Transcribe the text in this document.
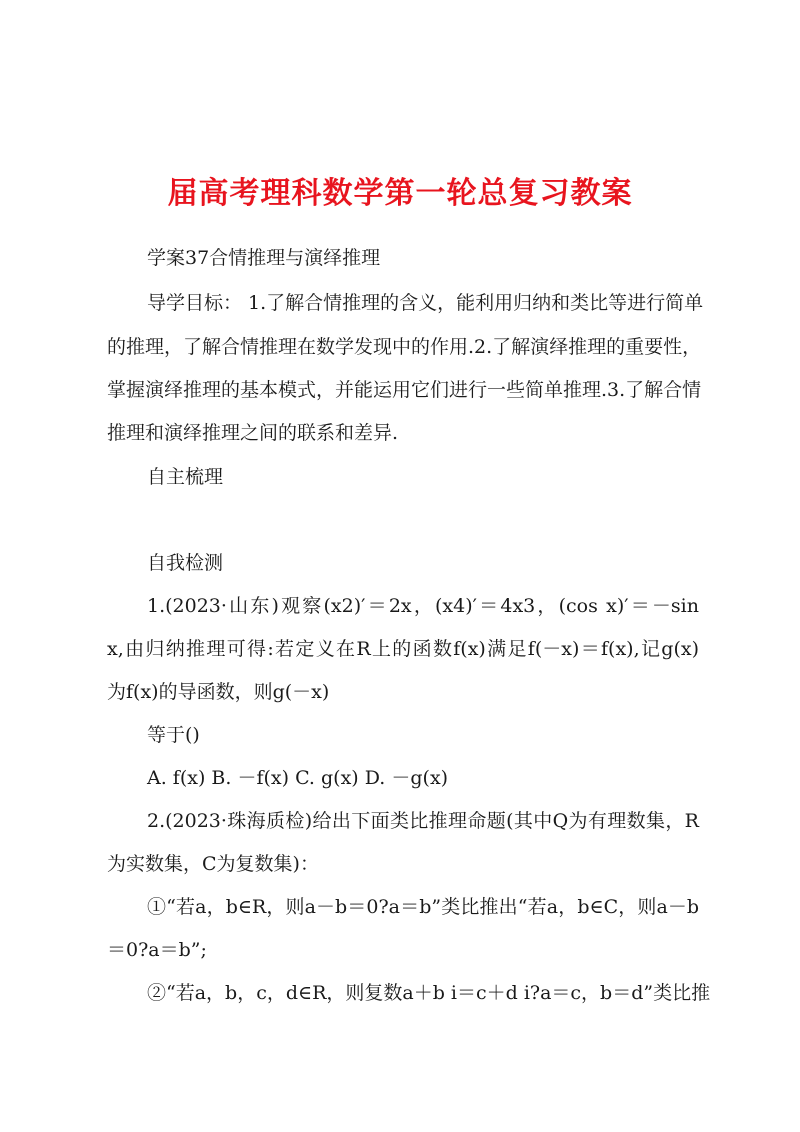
届高考理科数学第一轮总复习教案
学案37合情推理与演绎推理
导学目标： 1.了解合情推理的含义，能利用归纳和类比等进行简单
的推理，了解合情推理在数学发现中的作用.2.了解演绎推理的重要性，
掌握演绎推理的基本模式，并能运用它们进行一些简单推理.3.了解合情
推理和演绎推理之间的联系和差异.
自主梳理
自我检测
1.(2023·山东)观察(x2)′＝2x，(x4)′＝4x3，(cos x)′＝－sin
x,由归纳推理可得:若定义在R上的函数f(x)满足f(－x)＝f(x),记g(x)
为f(x)的导函数，则g(－x)
等于()
A. f(x) B. －f(x) C. g(x) D. －g(x)
2.(2023·珠海质检)给出下面类比推理命题(其中Q为有理数集，R
为实数集，C为复数集)：
①“若a，b∈R，则a－b＝0?a＝b”类比推出“若a，b∈C，则a－b
＝0?a＝b”;
②“若a，b，c，d∈R，则复数a＋b i＝c＋d i?a＝c，b＝d”类比推
